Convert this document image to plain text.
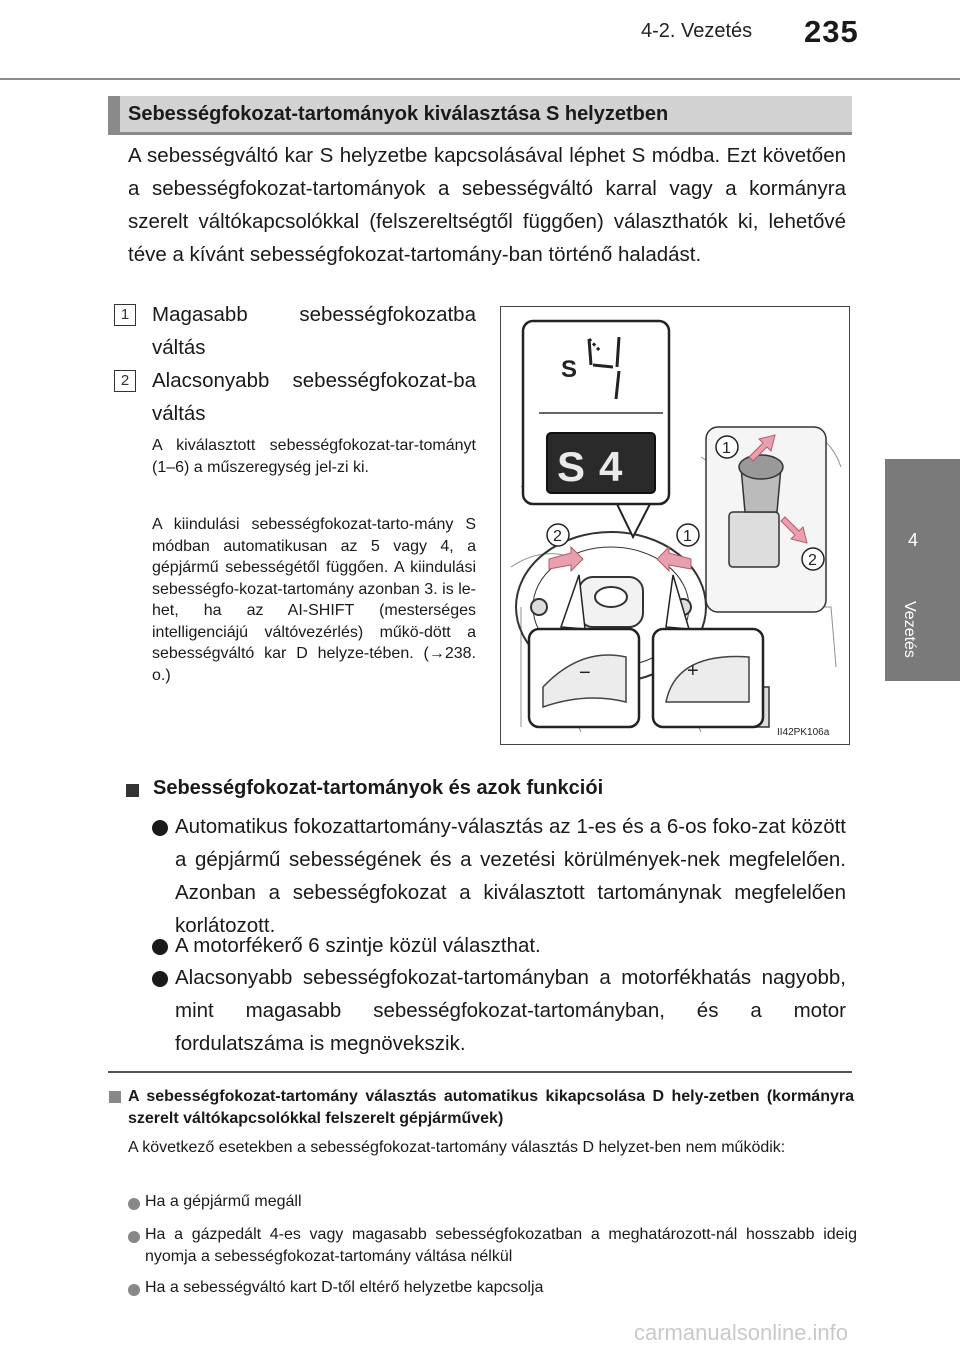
4-2. Vezetés 235
4
Vezetés
Sebességfokozat-tartományok kiválasztása S helyzetben
A sebességváltó kar S helyzetbe kapcsolásával léphet S módba. Ezt követően a sebességfokozat-tartományok a sebességváltó karral vagy a kormányra szerelt váltókapcsolókkal (felszereltségtől függően) választhatók ki, lehetővé téve a kívánt sebességfokozat-tartomány-ban történő haladást.
1	Magasabb sebességfokozatba váltás
2	Alacsonyabb sebességfokozat-ba váltás
A kiválasztott sebességfokozat-tar-tományt (1–6) a műszeregység jel-zi ki.
A kiindulási sebességfokozat-tarto-mány S módban automatikusan az 5 vagy 4, a gépjármű sebességétől függően. A kiindulási sebességfo-kozat-tartomány azonban 3. is le-het, ha az AI-SHIFT (mesterséges intelligenciájú váltóvezérlés) műkö-dött a sebességváltó kar D helyze-tében. (→238. o.)
S
S 4
−	+
1
2
2	1
II42PK106a
Sebességfokozat-tartományok és azok funkciói
Automatikus fokozattartomány-választás az 1-es és a 6-os foko-zat között a gépjármű sebességének és a vezetési körülmények-nek megfelelően. Azonban a sebességfokozat a kiválasztott tartománynak megfelelően korlátozott.
A motorfékerő 6 szintje közül választhat.
Alacsonyabb sebességfokozat-tartományban a motorfékhatás nagyobb, mint magasabb sebességfokozat-tartományban, és a motor fordulatszáma is megnövekszik.
A sebességfokozat-tartomány választás automatikus kikapcsolása D hely-zetben (kormányra szerelt váltókapcsolókkal felszerelt gépjárművek)
A következő esetekben a sebességfokozat-tartomány választás D helyzet-ben nem működik:
Ha a gépjármű megáll
Ha a gázpedált 4-es vagy magasabb sebességfokozatban a meghatározott-nál hosszabb ideig nyomja a sebességfokozat-tartomány váltása nélkül
Ha a sebességváltó kart D-től eltérő helyzetbe kapcsolja
carmanualsonline.info
